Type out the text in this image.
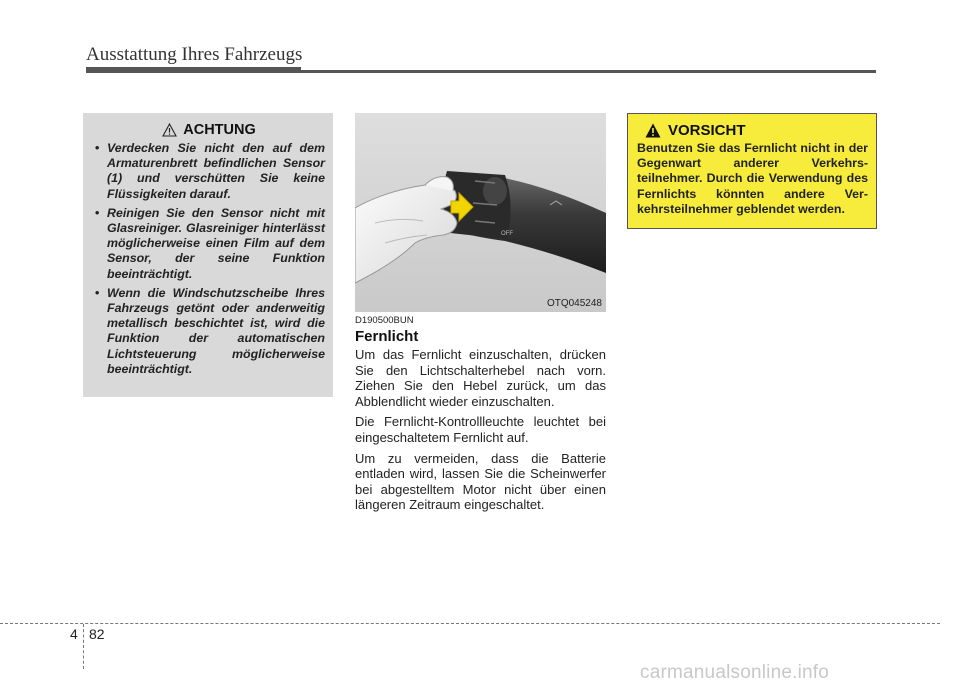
Ausstattung Ihres Fahrzeugs
ACHTUNG
• Verdecken Sie nicht den auf dem Armaturenbrett befindlichen Sensor (1) und verschütten Sie keine Flüssigkeiten darauf.
• Reinigen Sie den Sensor nicht mit Glasreiniger. Glasreiniger hinterlässt möglicherweise einen Film auf dem Sensor, der seine Funktion beeinträchtigt.
• Wenn die Windschutzscheibe Ihres Fahrzeugs getönt oder anderweitig metallisch beschichtet ist, wird die Funktion der automatischen Lichtsteuerung möglicherweise beeinträchtigt.
OFF
OTQ045248
D190500BUN
Fernlicht

Um das Fernlicht einzuschalten, drücken Sie den Lichtschalterhebel nach vorn. Ziehen Sie den Hebel zurück, um das Abblendlicht wieder einzuschalten.

Die Fernlicht-Kontrollleuchte leuchtet bei eingeschaltetem Fernlicht auf.

Um zu vermeiden, dass die Batterie entladen wird, lassen Sie die Scheinwerfer bei abgestelltem Motor nicht über einen längeren Zeitraum eingeschaltet.

VORSICHT
Benutzen Sie das Fernlicht nicht in der Gegenwart anderer Verkehrs-teilnehmer. Durch die Verwendung des Fernlichts könnten andere Ver-kehrsteilnehmer geblendet werden.
4 82
carmanualsonline.info
